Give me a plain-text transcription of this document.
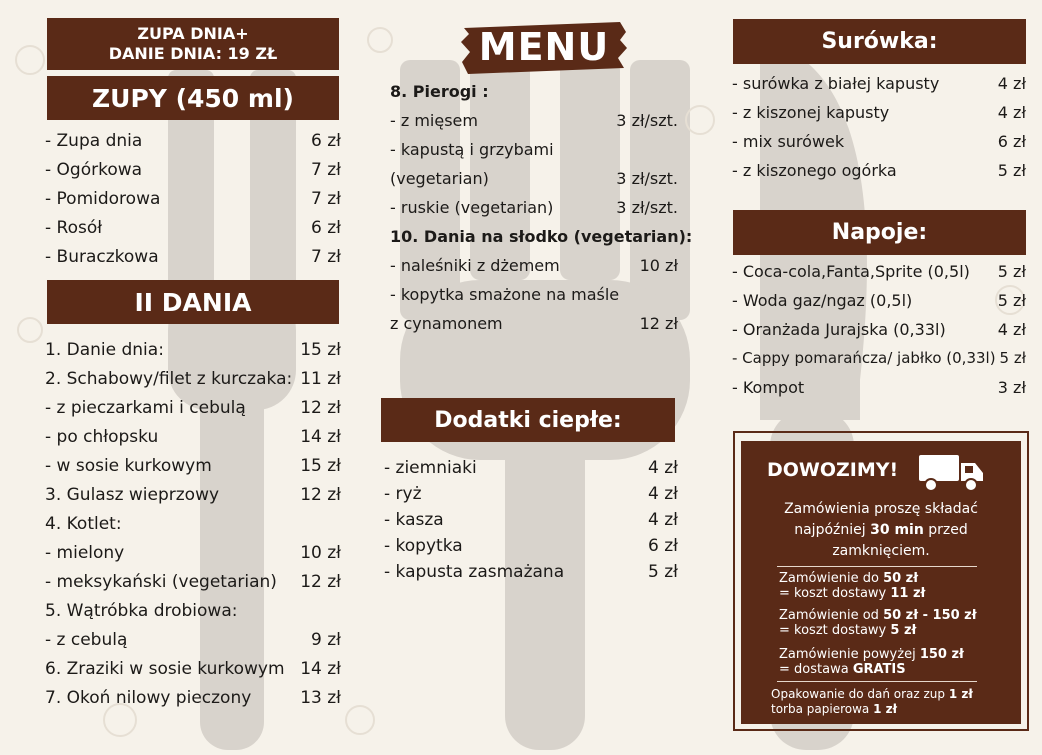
ZUPA DNIA+
DANIE DNIA: 19 ZŁ
ZUPY (450 ml)
- Zupa dnia	6 zł
- Ogórkowa	7 zł
- Pomidorowa	7 zł
- Rosół	6 zł
- Buraczkowa	7 zł
II DANIA
1. Danie dnia:	15 zł
2. Schabowy/filet z kurczaka: 11 zł
- z pieczarkami i cebulą	12 zł
- po chłopsku	14 zł
- w sosie kurkowym	15 zł
3. Gulasz wieprzowy	12 zł
4. Kotlet:
- mielony	10 zł
- meksykański (vegetarian) 12 zł
5. Wątróbka drobiowa:
- z cebulą	9 zł
6. Zraziki w sosie kurkowym 14 zł
7. Okoń nilowy pieczony	13 zł
MENU
8. Pierogi :
- z mięsem	3 zł/szt.
- kapustą i grzybami
(vegetarian)	3 zł/szt.
- ruskie (vegetarian)	3 zł/szt.
10. Dania na słodko (vegetarian):
- naleśniki z dżemem	10 zł
- kopytka smażone na maśle
z cynamonem	12 zł
Dodatki ciepłe:
- ziemniaki	4 zł
- ryż	4 zł
- kasza	4 zł
- kopytka	6 zł
- kapusta zasmażana	5 zł
Surówka:
- surówka z białej kapusty	4 zł
- z kiszonej kapusty	4 zł
- mix surówek	6 zł
- z kiszonego ogórka	5 zł
Napoje:
- Coca-cola,Fanta,Sprite (0,5l) 5 zł
- Woda gaz/ngaz (0,5l)	5 zł
- Oranżada Jurajska (0,33l)	4 zł
- Cappy pomarańcza/ jabłko (0,33l) 5 zł
- Kompot	3 zł
DOWOZIMY!
Zamówienia proszę składać
najpóźniej 30 min przed
zamknięciem.
Zamówienie do 50 zł
= koszt dostawy 11 zł
Zamówienie od 50 zł - 150 zł
= koszt dostawy 5 zł
Zamówienie powyżej 150 zł
= dostawa GRATIS
Opakowanie do dań oraz zup 1 zł
torba papierowa 1 zł
